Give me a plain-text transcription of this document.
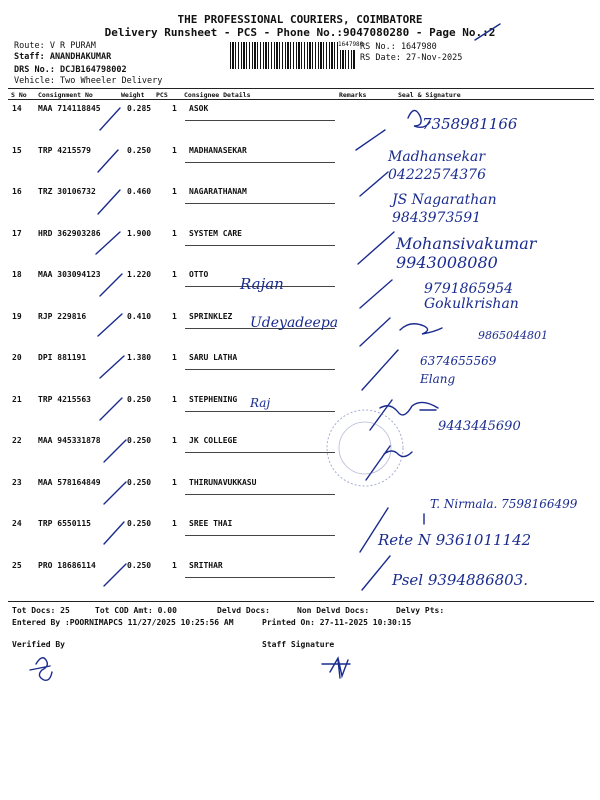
THE PROFESSIONAL COURIERS, COIMBATORE
Delivery Runsheet - PCS - Phone No.:9047080280 - Page No.:2
Route: V R PURAM
Staff: ANANDHAKUMAR
DRS No.: DCJB164798002
Vehicle: Two Wheeler Delivery
1647980
RS No.: 1647980
RS Date: 27-Nov-2025
S No Consignment No	Weight PCS	Consignee Details	Remarks	Seal & Signature
14 MAA 714118845	0.285	1 ASOK
15 TRP 4215579	0.250	1 MADHANASEKAR
16 TRZ 30106732	0.460	1 NAGARATHANAM
17 HRD 362903286	1.900	1 SYSTEM CARE
18 MAA 303094123	1.220	1 OTTO
19 RJP 229816	0.410	1 SPRINKLEZ
20 DPI 881191	1.380	1 SARU LATHA
21 TRP 4215563	0.250	1 STEPHENING
22 MAA 945331878	0.250	1 JK COLLEGE
23 MAA 578164849	0.250	1 THIRUNAVUKKASU
24 TRP 6550115	0.250	1 SREE THAI
25 PRO 18686114	0.250	1 SRITHAR
Rajan
Udeyadeepa
Raj
7358981166
Madhansekar 04222574376
JS Nagarathan 9843973591
Mohansivakumar 9943008080
9791865954 Gokulkrishan
9865044801
6374655569 Elang
9443445690
T. Nirmala. 7598166499
Rete N 9361011142
Psel 9394886803.
Tot Docs: 25	Tot COD Amt: 0.00	Delvd Docs:	Non Delvd Docs:	Delvy Pts:
Entered By :POORNIMAPCS 11/27/2025 10:25:56 AM	Printed On: 27-11-2025 10:30:15
Verified By	Staff Signature
